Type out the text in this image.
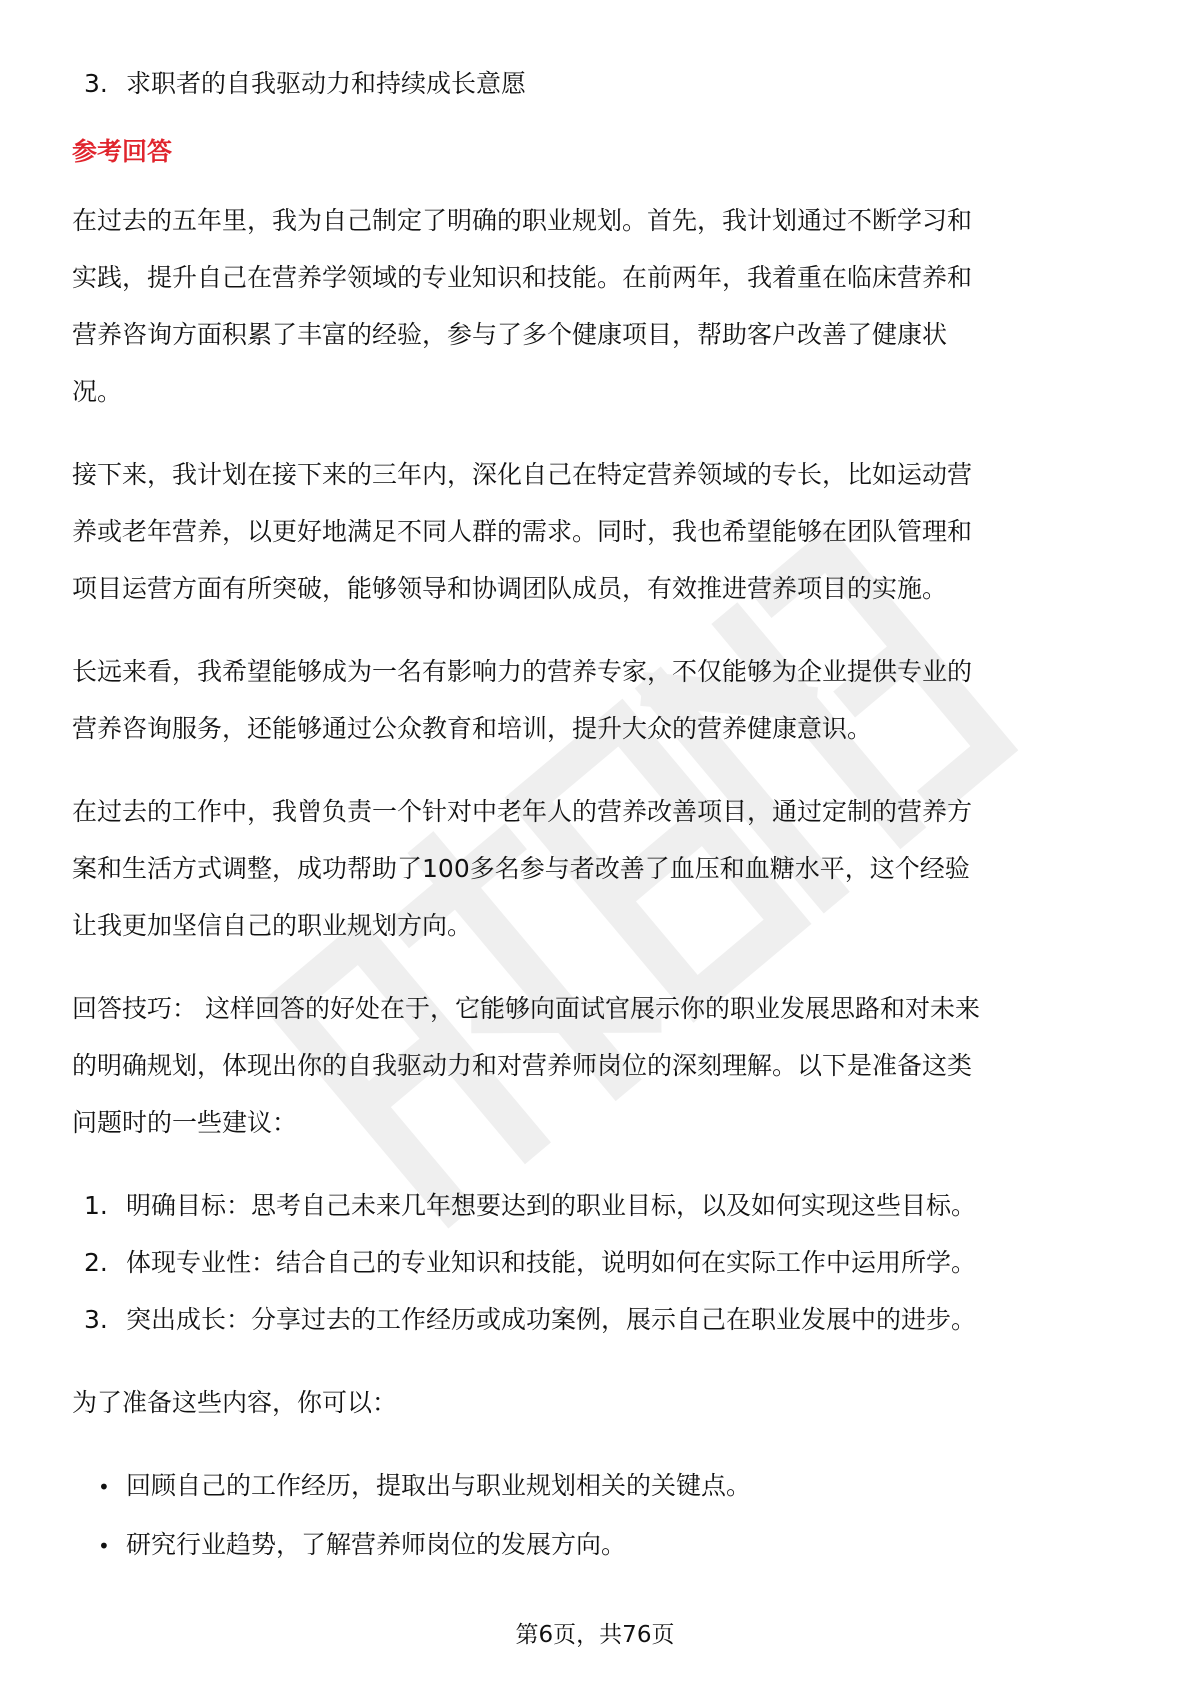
3. 求职者的自我驱动力和持续成长意愿
参考回答

在过去的五年里，我为自己制定了明确的职业规划。首先，我计划通过不断学习和

实践，提升自己在营养学领域的专业知识和技能。在前两年，我着重在临床营养和

营养咨询方面积累了丰富的经验，参与了多个健康项目，帮助客户改善了健康状

况。

接下来，我计划在接下来的三年内，深化自己在特定营养领域的专长，比如运动营

养或老年营养，以更好地满足不同人群的需求。同时，我也希望能够在团队管理和

项目运营方面有所突破，能够领导和协调团队成员，有效推进营养项目的实施。

长远来看，我希望能够成为一名有影响力的营养专家，不仅能够为企业提供专业的

营养咨询服务，还能够通过公众教育和培训，提升大众的营养健康意识。

在过去的工作中，我曾负责一个针对中老年人的营养改善项目，通过定制的营养方

案和生活方式调整，成功帮助了100多名参与者改善了血压和血糖水平，这个经验

让我更加坚信自己的职业规划方向。

回答技巧： 这样回答的好处在于，它能够向面试官展示你的职业发展思路和对未来

的明确规划，体现出你的自我驱动力和对营养师岗位的深刻理解。以下是准备这类

问题时的一些建议：

1. 明确目标：思考自己未来几年想要达到的职业目标，以及如何实现这些目标。
2. 体现专业性：结合自己的专业知识和技能，说明如何在实际工作中运用所学。
3. 突出成长：分享过去的工作经历或成功案例，展示自己在职业发展中的进步。

为了准备这些内容，你可以：

• 回顾自己的工作经历，提取出与职业规划相关的关键点。
• 研究行业趋势，了解营养师岗位的发展方向。
第6页，共76页
